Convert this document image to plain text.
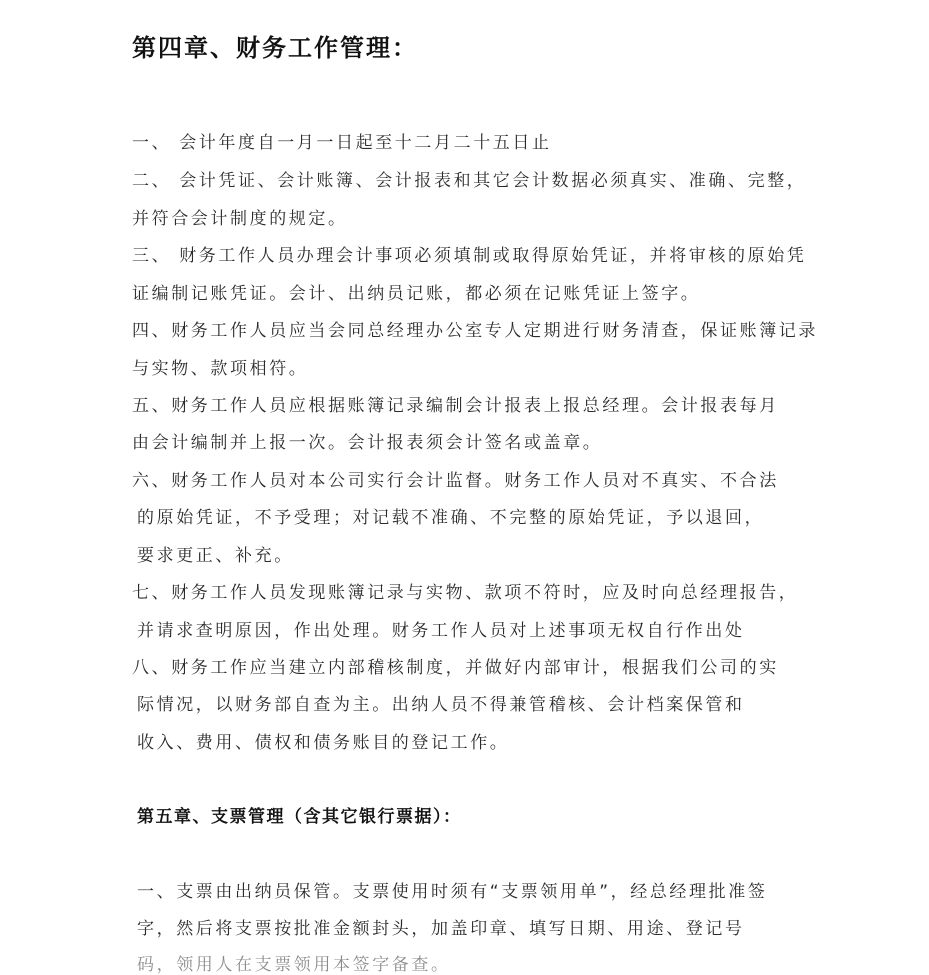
第四章、财务工作管理：
一、 会计年度自一月一日起至十二月二十五日止
二、 会计凭证、会计账簿、会计报表和其它会计数据必须真实、准确、完整，
并符合会计制度的规定。
三、 财务工作人员办理会计事项必须填制或取得原始凭证，并将审核的原始凭
证编制记账凭证。会计、出纳员记账，都必须在记账凭证上签字。
四、财务工作人员应当会同总经理办公室专人定期进行财务清查，保证账簿记录
与实物、款项相符。
五、财务工作人员应根据账簿记录编制会计报表上报总经理。会计报表每月
由会计编制并上报一次。会计报表须会计签名或盖章。
六、财务工作人员对本公司实行会计监督。财务工作人员对不真实、不合法
的原始凭证，不予受理；对记载不准确、不完整的原始凭证，予以退回，
要求更正、补充。
七、财务工作人员发现账簿记录与实物、款项不符时，应及时向总经理报告，
并请求查明原因，作出处理。财务工作人员对上述事项无权自行作出处
八、财务工作应当建立内部稽核制度，并做好内部审计，根据我们公司的实
际情况，以财务部自查为主。出纳人员不得兼管稽核、会计档案保管和
收入、费用、债权和债务账目的登记工作。
第五章、支票管理（含其它银行票据）：
一、支票由出纳员保管。支票使用时须有“支票领用单”，经总经理批准签
字，然后将支票按批准金额封头，加盖印章、填写日期、用途、登记号
码，领用人在支票领用本签字备查。
